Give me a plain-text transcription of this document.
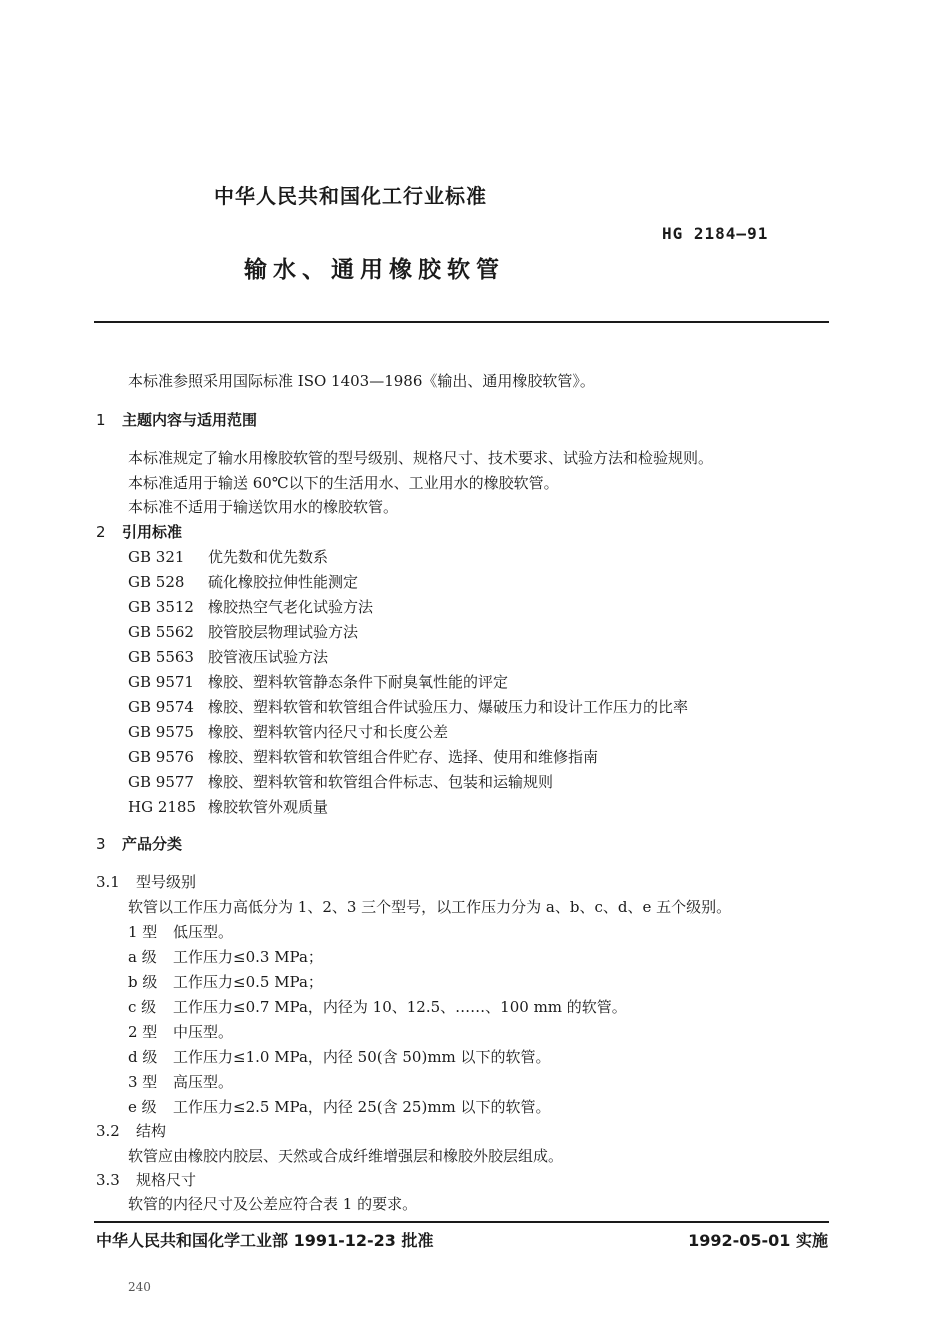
中华人民共和国化工行业标准
HG 2184—91
输水、通用橡胶软管
本标准参照采用国际标准 ISO 1403—1986《输出、通用橡胶软管》。
1 主题内容与适用范围
本标准规定了输水用橡胶软管的型号级别、规格尺寸、技术要求、试验方法和检验规则。
本标准适用于输送 60℃以下的生活用水、工业用水的橡胶软管。
本标准不适用于输送饮用水的橡胶软管。
2 引用标准
GB 321 优先数和优先数系
GB 528 硫化橡胶拉伸性能测定
GB 3512 橡胶热空气老化试验方法
GB 5562 胶管胶层物理试验方法
GB 5563 胶管液压试验方法
GB 9571 橡胶、塑料软管静态条件下耐臭氧性能的评定
GB 9574 橡胶、塑料软管和软管组合件试验压力、爆破压力和设计工作压力的比率
GB 9575 橡胶、塑料软管内径尺寸和长度公差
GB 9576 橡胶、塑料软管和软管组合件贮存、选择、使用和维修指南
GB 9577 橡胶、塑料软管和软管组合件标志、包装和运输规则
HG 2185 橡胶软管外观质量
3 产品分类
3.1 型号级别
软管以工作压力高低分为 1、2、3 三个型号，以工作压力分为 a、b、c、d、e 五个级别。
1 型 低压型。
a 级 工作压力≤0.3 MPa；
b 级 工作压力≤0.5 MPa；
c 级 工作压力≤0.7 MPa，内径为 10、12.5、……、100 mm 的软管。
2 型 中压型。
d 级 工作压力≤1.0 MPa，内径 50(含 50)mm 以下的软管。
3 型 高压型。
e 级 工作压力≤2.5 MPa，内径 25(含 25)mm 以下的软管。
3.2 结构
软管应由橡胶内胶层、天然或合成纤维增强层和橡胶外胶层组成。
3.3 规格尺寸
软管的内径尺寸及公差应符合表 1 的要求。
中华人民共和国化学工业部 1991-12-23 批准	1992-05-01 实施
240
